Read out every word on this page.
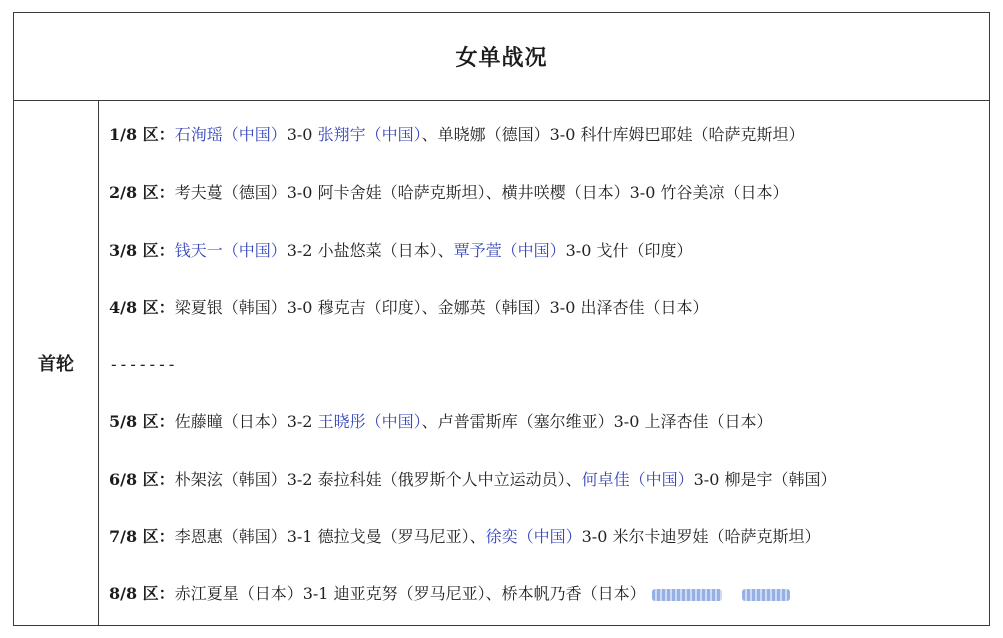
女单战况
首轮
1/8 区：石洵瑶（中国）3-0 张翔宇（中国）、单晓娜（德国）3-0 科什库姆巴耶娃（哈萨克斯坦）
2/8 区：考夫蔓（德国）3-0 阿卡舍娃（哈萨克斯坦）、横井咲樱（日本）3-0 竹谷美凉（日本）
3/8 区：钱天一（中国）3-2 小盐悠菜（日本）、覃予萱（中国）3-0 戈什（印度）
4/8 区：梁夏银（韩国）3-0 穆克吉（印度）、金娜英（韩国）3-0 出泽杏佳（日本）
-------
5/8 区：佐藤瞳（日本）3-2 王晓彤（中国）、卢普雷斯库（塞尔维亚）3-0 上泽杏佳（日本）
6/8 区：朴架泫（韩国）3-2 泰拉科娃（俄罗斯个人中立运动员）、何卓佳（中国）3-0 柳是宇（韩国）
7/8 区：李恩惠（韩国）3-1 德拉戈曼（罗马尼亚）、徐奕（中国）3-0 米尔卡迪罗娃（哈萨克斯坦）
8/8 区：赤江夏星（日本）3-1 迪亚克努（罗马尼亚）、桥本帆乃香（日本）
